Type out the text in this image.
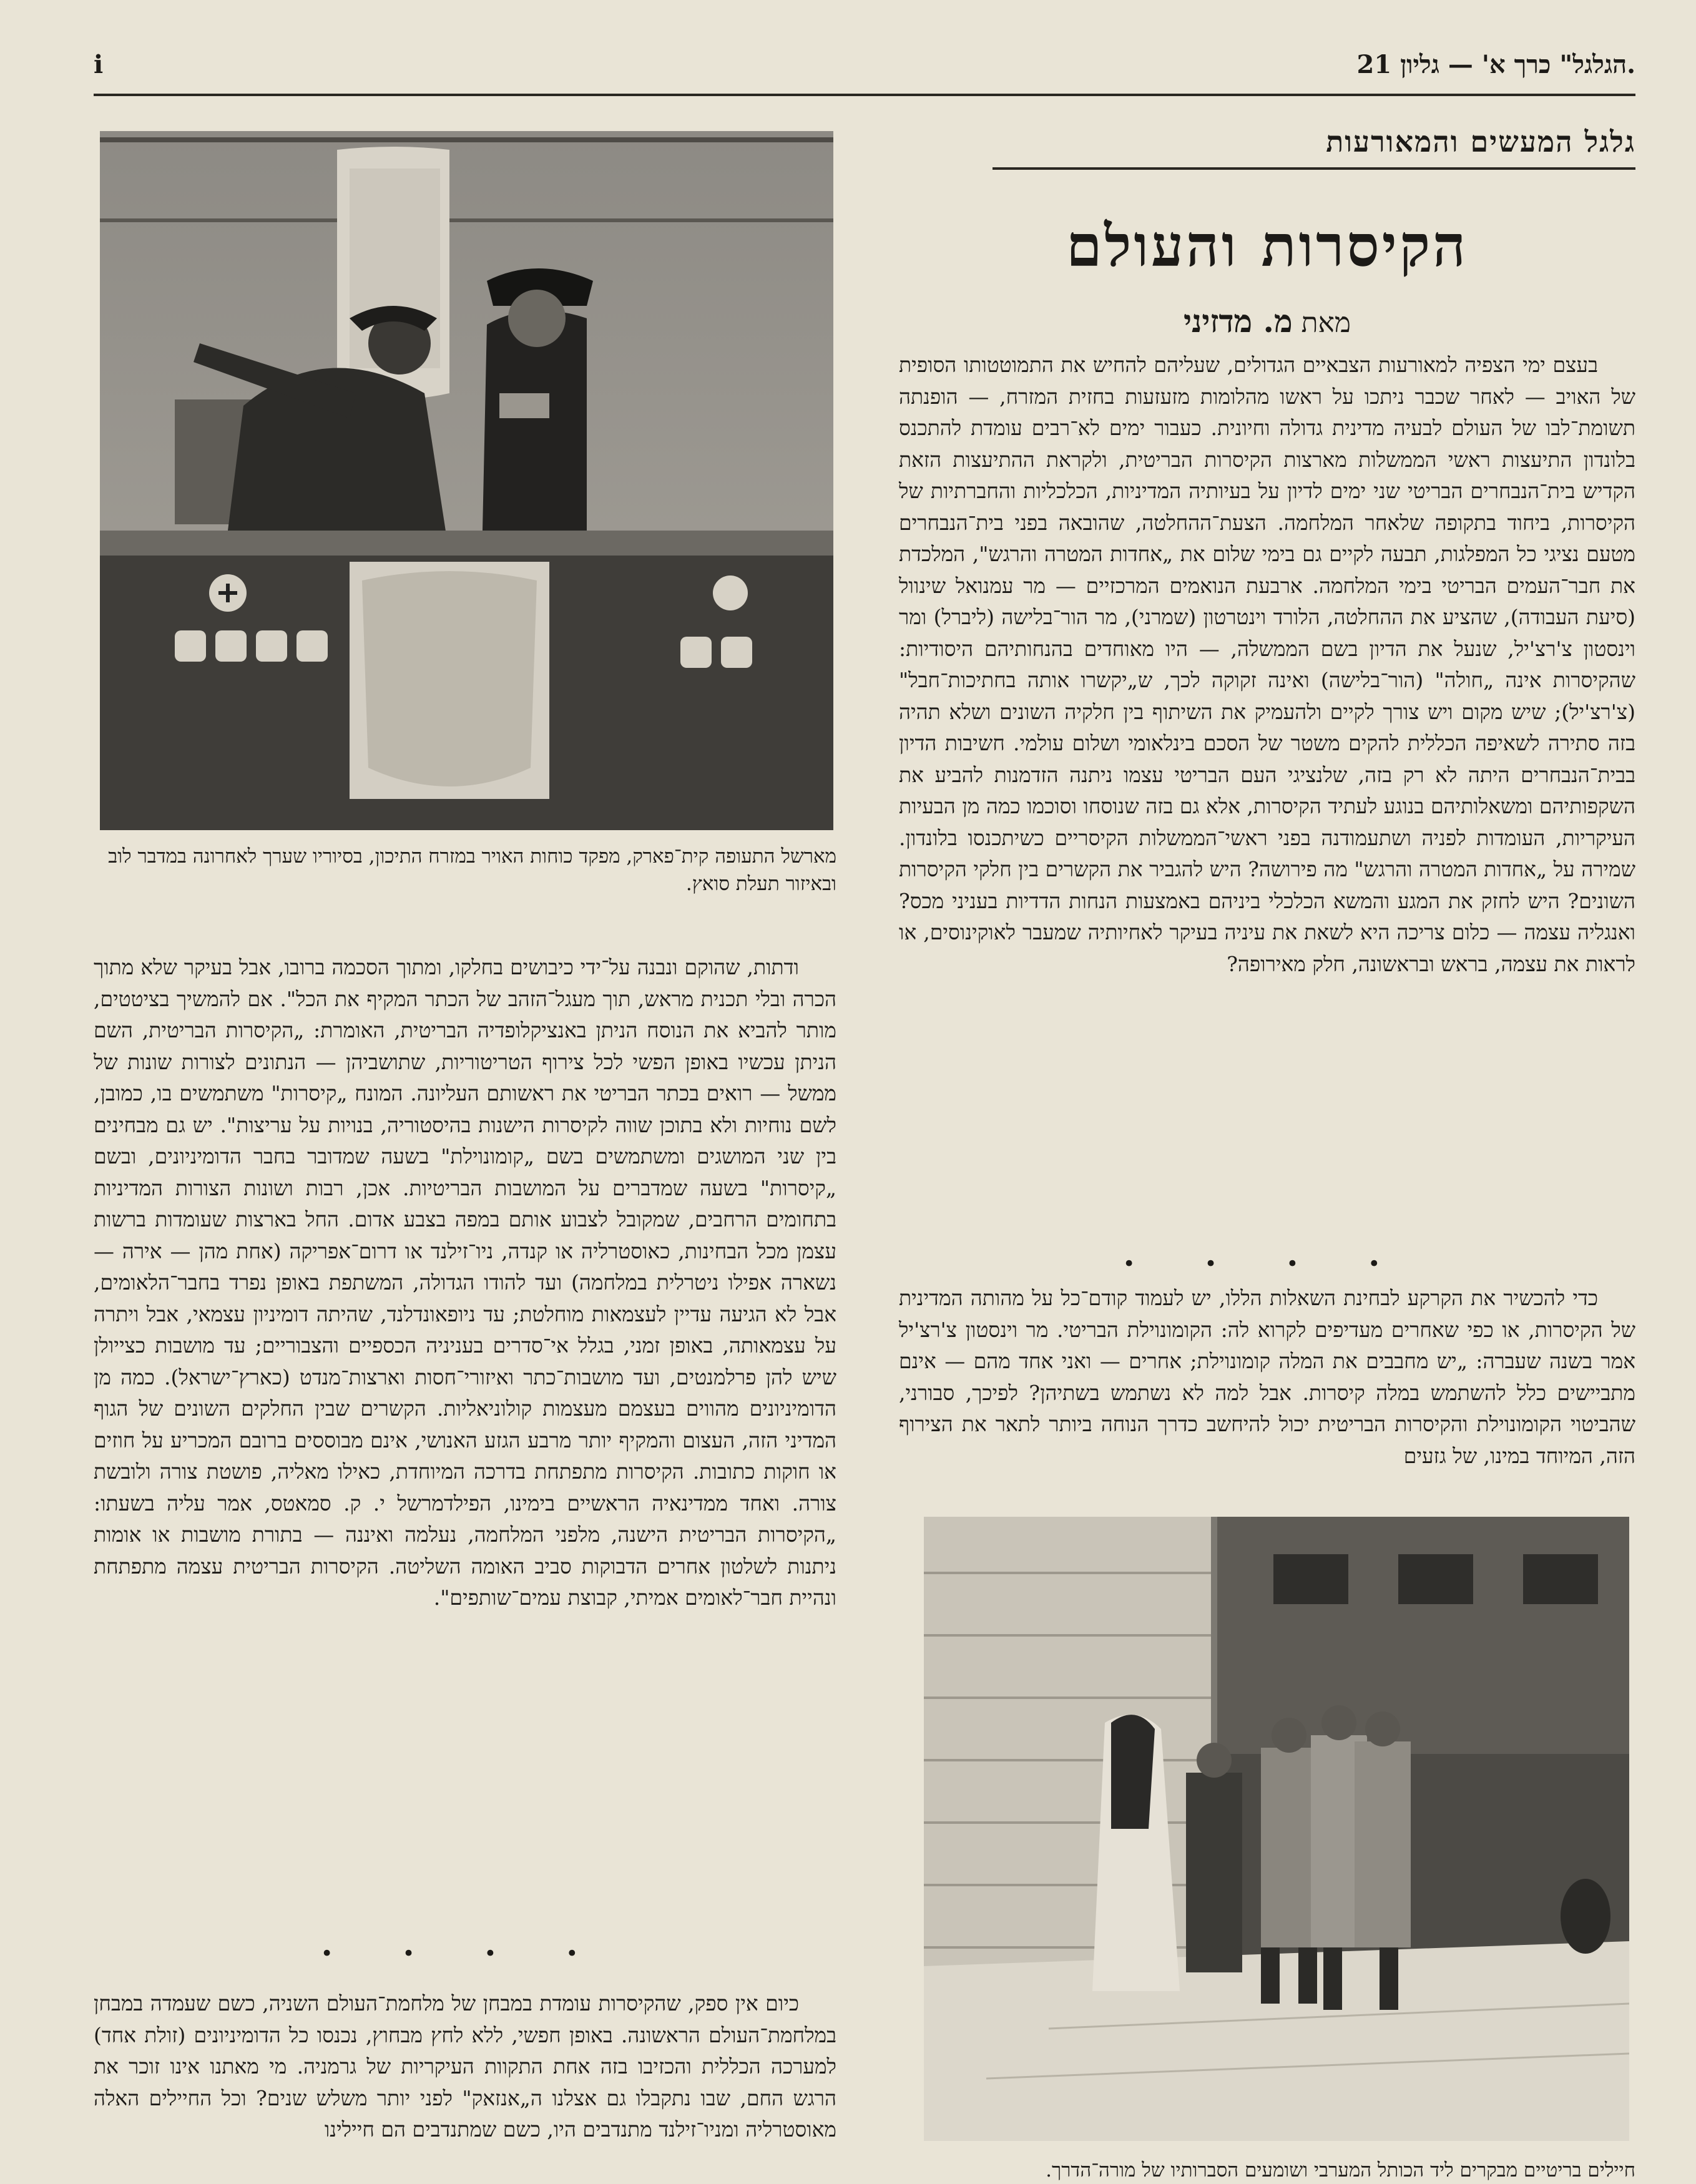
.הגלגל" כרך א' — גליון 21
i
גלגל המעשים והמאורעות
הקיסרות והעולם
מאת מ. מדזיני

בעצם ימי הצפיה למאורעות הצבאיים הגדולים, שעליהם להחיש את התמוטטותו הסופית של האויב — לאחר שכבר ניתכו על ראשו מהלומות מזעזעות בחזית המזרח, — הופנתה תשומת־לבו של העולם לבעיה מדינית גדולה וחיונית. כעבור ימים לא־רבים עומדת להתכנס בלונדון התיעצות ראשי הממשלות מארצות הקיסרות הבריטית, ולקראת ההתיעצות הזאת הקדיש בית־הנבחרים הבריטי שני ימים לדיון על בעיותיה המדיניות, הכלכליות והחברתיות של הקיסרות, ביחוד בתקופה שלאחר המלחמה. הצעת־ההחלטה, שהובאה בפני בית־הנבחרים מטעם נציגי כל המפלגות, תבעה לקיים גם בימי שלום את „אחדות המטרה והרגש", המלכדת את חבר־העמים הבריטי בימי המלחמה. ארבעת הנואמים המרכזיים — מר עמנואל שינוול (סיעת העבודה), שהציע את ההחלטה, הלורד וינטרטון (שמרני), מר הור־בלישה (ליברל) ומר וינסטון צ'רצ'יל, שנעל את הדיון בשם הממשלה, — היו מאוחדים בהנחותיהם היסודיות: שהקיסרות אינה „חולה" (הור־בלישה) ואינה זקוקה לכך, ש„יקשרו אותה בחתיכות־חבל" (צ'רצ'יל); שיש מקום ויש צורך לקיים ולהעמיק את השיתוף בין חלקיה השונים ושלא תהיה בזה סתירה לשאיפה הכללית להקים משטר של הסכם בינלאומי ושלום עולמי. חשיבות הדיון בבית־הנבחרים היתה לא רק בזה, שלנציגי העם הבריטי עצמו ניתנה הזדמנות להביע את השקפותיהם ומשאלותיהם בנוגע לעתיד הקיסרות, אלא גם בזה שנוסחו וסוכמו כמה מן הבעיות העיקריות, העומדות לפניה ושתעמודנה בפני ראשי־הממשלות הקיסריים כשיתכנסו בלונדון. שמירה על „אחדות המטרה והרגש" מה פירושה? היש להגביר את הקשרים בין חלקי הקיסרות השונים? היש לחזק את המגע והמשא הכלכלי ביניהם באמצעות הנחות הדדיות בעניני מכס? ואנגליה עצמה — כלום צריכה היא לשאת את עיניה בעיקר לאחיותיה שמעבר לאוקינוסים, או לראות את עצמה, בראש ובראשונה, חלק מאירופה?

• • • •

כדי להכשיר את הקרקע לבחינת השאלות הללו, יש לעמוד קודם־כל על מהותה המדינית של הקיסרות, או כפי שאחרים מעדיפים לקרוא לה: הקומונוילת הבריטי. מר וינסטון צ'רצ'יל אמר בשנה שעברה: „יש מחבבים את המלה קומונוילת; אחרים — ואני אחד מהם — אינם מתביישים כלל להשתמש במלה קיסרות. אבל למה לא נשתמש בשתיהן? לפיכך, סבורני, שהביטוי הקומונוילת והקיסרות הבריטית יכול להיחשב כדרך הנוחה ביותר לתאר את הצירוף הזה, המיוחד במינו, של גזעים

מארשל התעופה קית־פארק, מפקד כוחות האויר במזרח התיכון, בסיוריו שערך לאחרונה במדבר לוב ובאיזור תעלת סואץ.

ודתות, שהוקם ונבנה על־ידי כיבושים בחלקו, ומתוך הסכמה ברובו, אבל בעיקר שלא מתוך הכרה ובלי תכנית מראש, תוך מעגל־הזהב של הכתר המקיף את הכל". אם להמשיך בציטטים, מותר להביא את הנוסח הניתן באנציקלופדיה הבריטית, האומרת: „הקיסרות הבריטית, השם הניתן עכשיו באופן הפשי לכל צירוף הטריטוריות, שתושביהן — הנתונים לצורות שונות של ממשל — רואים בכתר הבריטי את ראשותם העליונה. המונח „קיסרות" משתמשים בו, כמובן, לשם נוחיות ולא בתוכן שווה לקיסרות הישנות בהיסטוריה, בנויות על עריצות". יש גם מבחינים בין שני המושגים ומשתמשים בשם „קומונוילת" בשעה שמדובר בחבר הדומיניונים, ובשם „קיסרות" בשעה שמדברים על המושבות הבריטיות. אכן, רבות ושונות הצורות המדיניות בתחומים הרחבים, שמקובל לצבוע אותם במפה בצבע אדום. החל בארצות שעומדות ברשות עצמן מכל הבחינות, כאוסטרליה או קנדה, ניו־זילנד או דרום־אפריקה (אחת מהן — אירה — נשארה אפילו ניטרלית במלחמה) ועד להודו הגדולה, המשתפת באופן נפרד בחבר־הלאומים, אבל לא הגיעה עדיין לעצמאות מוחלטת; עד ניופאונדלנד, שהיתה דומיניון עצמאי, אבל ויתרה על עצמאותה, באופן זמני, בגלל אי־סדרים בעניניה הכספיים והצבוריים; עד מושבות כצייולן שיש להן פרלמנטים, ועד מושבות־כתר ואיזורי־חסות וארצות־מנדט (כארץ־ישראל). כמה מן הדומיניונים מהווים בעצמם מעצמות קולוניאליות. הקשרים שבין החלקים השונים של הגוף המדיני הזה, העצום והמקיף יותר מרבע הגזע האנושי, אינם מבוססים ברובם המכריע על חוזים או חוקות כתובות. הקיסרות מתפתחת בדרכה המיוחדת, כאילו מאליה, פושטת צורה ולובשת צורה. ואחד ממדינאיה הראשיים בימינו, הפילדמרשל י. ק. סמאטס, אמר עליה בשעתו: „הקיסרות הבריטית הישנה, מלפני המלחמה, נעלמה ואיננה — בתורת מושבות או אומות ניתנות לשלטון אחרים הדבוקות סביב האומה השליטה. הקיסרות הבריטית עצמה מתפתחת ונהיית חבר־לאומים אמיתי, קבוצת עמים־שותפים".

• • • •

כיום אין ספק, שהקיסרות עומדת במבחן של מלחמת־העולם השניה, כשם שעמדה במבחן במלחמת־העולם הראשונה. באופן חפשי, ללא לחץ מבחוץ, נכנסו כל הדומיניונים (זולת אחד) למערכה הכללית והכזיבו בזה אחת התקוות העיקריות של גרמניה. מי מאתנו אינו זוכר את הרגש החם, שבו נתקבלו גם אצלנו ה„אנזאק" לפני יותר משלש שנים? וכל החיילים האלה מאוסטרליה ומניו־זילנד מתנדבים היו, כשם שמתנדבים הם חיילינו

חיילים בריטיים מבקרים ליד הכותל המערבי ושומעים הסברותיו של מורה־הדרך.
